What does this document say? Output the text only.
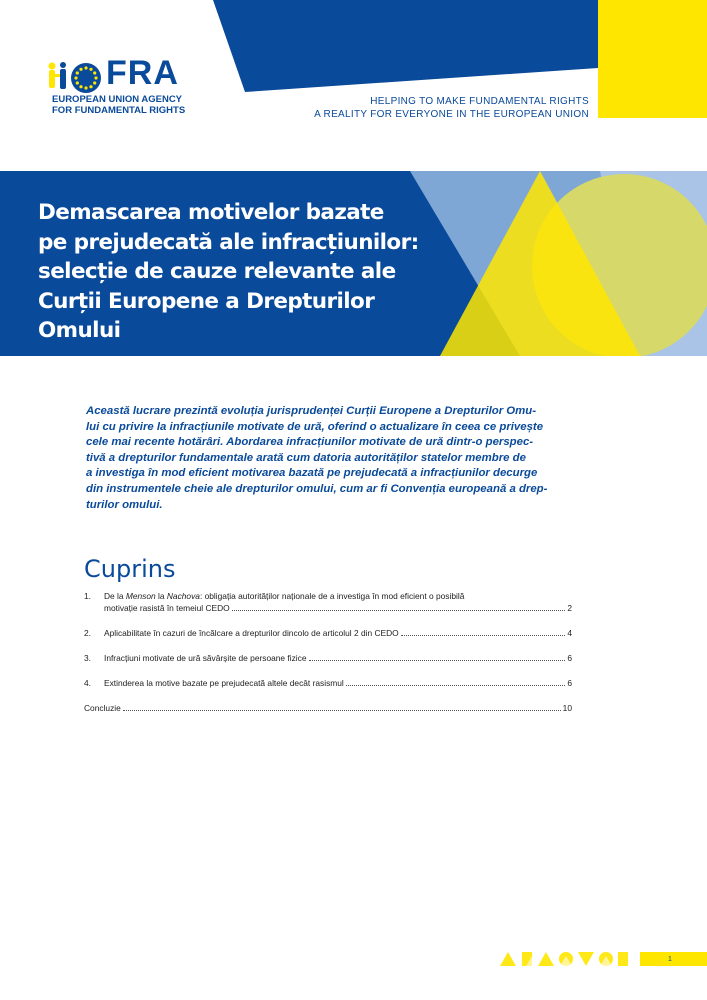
FRA
EUROPEAN UNION AGENCY
FOR FUNDAMENTAL RIGHTS
HELPING TO MAKE FUNDAMENTAL RIGHTS
A REALITY FOR EVERYONE IN THE EUROPEAN UNION
Demascarea motivelor bazate
pe prejudecată ale infracțiunilor:
selecție de cauze relevante ale
Curții Europene a Drepturilor Omului
Această lucrare prezintă evoluția jurisprudenței Curții Europene a Drepturilor Omu-
lui cu privire la infracțiunile motivate de ură, oferind o actualizare în ceea ce privește
cele mai recente hotărâri. Abordarea infracțiunilor motivate de ură dintr-o perspec-
tivă a drepturilor fundamentale arată cum datoria autorităților statelor membre de
a investiga în mod eficient motivarea bazată pe prejudecată a infracțiunilor decurge
din instrumentele cheie ale drepturilor omului, cum ar fi Convenția europeană a drep-
turilor omului.
Cuprins
1. De la Menson la Nachova: obligația autorităților naționale de a investiga în mod eficient o posibilă
motivație rasistă în temeiul CEDO	2
2. Aplicabilitate în cazuri de încălcare a drepturilor dincolo de articolul 2 din CEDO	4
3. Infracțiuni motivate de ură săvârșite de persoane fizice	6
4. Extinderea la motive bazate pe prejudecată altele decât rasismul	6
Concluzie	10
1
